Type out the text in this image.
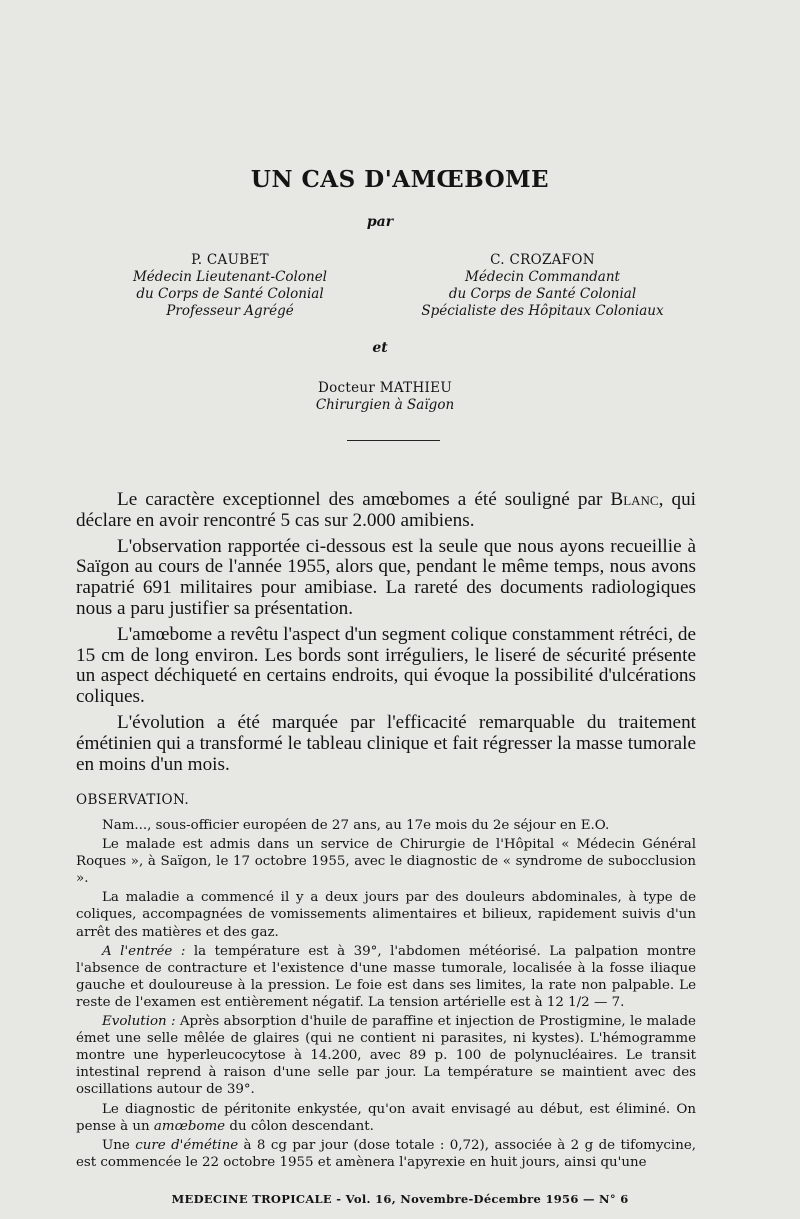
UN CAS D'AMŒBOME
par
P. CAUBET
Médecin Lieutenant-Colonel
du Corps de Santé Colonial
Professeur Agrégé
C. CROZAFON
Médecin Commandant
du Corps de Santé Colonial
Spécialiste des Hôpitaux Coloniaux
et
Docteur MATHIEU
Chirurgien à Saïgon

Le caractère exceptionnel des amœbomes a été souligné par Blanc, qui déclare en avoir rencontré 5 cas sur 2.000 amibiens.

L'observation rapportée ci-dessous est la seule que nous ayons recueillie à Saïgon au cours de l'année 1955, alors que, pendant le même temps, nous avons rapatrié 691 militaires pour amibiase. La rareté des documents radiologiques nous a paru justifier sa présentation.

L'amœbome a revêtu l'aspect d'un segment colique constamment rétréci, de 15 cm de long environ. Les bords sont irréguliers, le liseré de sécurité présente un aspect déchiqueté en certains endroits, qui évoque la possibilité d'ulcérations coliques.

L'évolution a été marquée par l'efficacité remarquable du traitement émétinien qui a transformé le tableau clinique et fait régresser la masse tumorale en moins d'un mois.

OBSERVATION.

Nam..., sous-officier européen de 27 ans, au 17e mois du 2e séjour en E.O.

Le malade est admis dans un service de Chirurgie de l'Hôpital « Médecin Général Roques », à Saïgon, le 17 octobre 1955, avec le diagnostic de « syndrome de subocclusion ».

La maladie a commencé il y a deux jours par des douleurs abdominales, à type de coliques, accompagnées de vomissements alimentaires et bilieux, rapidement suivis d'un arrêt des matières et des gaz.

A l'entrée : la température est à 39°, l'abdomen météorisé. La palpation montre l'absence de contracture et l'existence d'une masse tumorale, localisée à la fosse iliaque gauche et douloureuse à la pression. Le foie est dans ses limites, la rate non palpable. Le reste de l'examen est entièrement négatif. La tension artérielle est à 12 1/2 — 7.

Evolution : Après absorption d'huile de paraffine et injection de Prostigmine, le malade émet une selle mêlée de glaires (qui ne contient ni parasites, ni kystes). L'hémogramme montre une hyperleucocytose à 14.200, avec 89 p. 100 de polynucléaires. Le transit intestinal reprend à raison d'une selle par jour. La température se maintient avec des oscillations autour de 39°.

Le diagnostic de péritonite enkystée, qu'on avait envisagé au début, est éliminé. On pense à un amœbome du côlon descendant.

Une cure d'émétine à 8 cg par jour (dose totale : 0,72), associée à 2 g de tifomycine, est commencée le 22 octobre 1955 et amènera l'apyrexie en huit jours, ainsi qu'une

MEDECINE TROPICALE - Vol. 16, Novembre-Décembre 1956 — N° 6
